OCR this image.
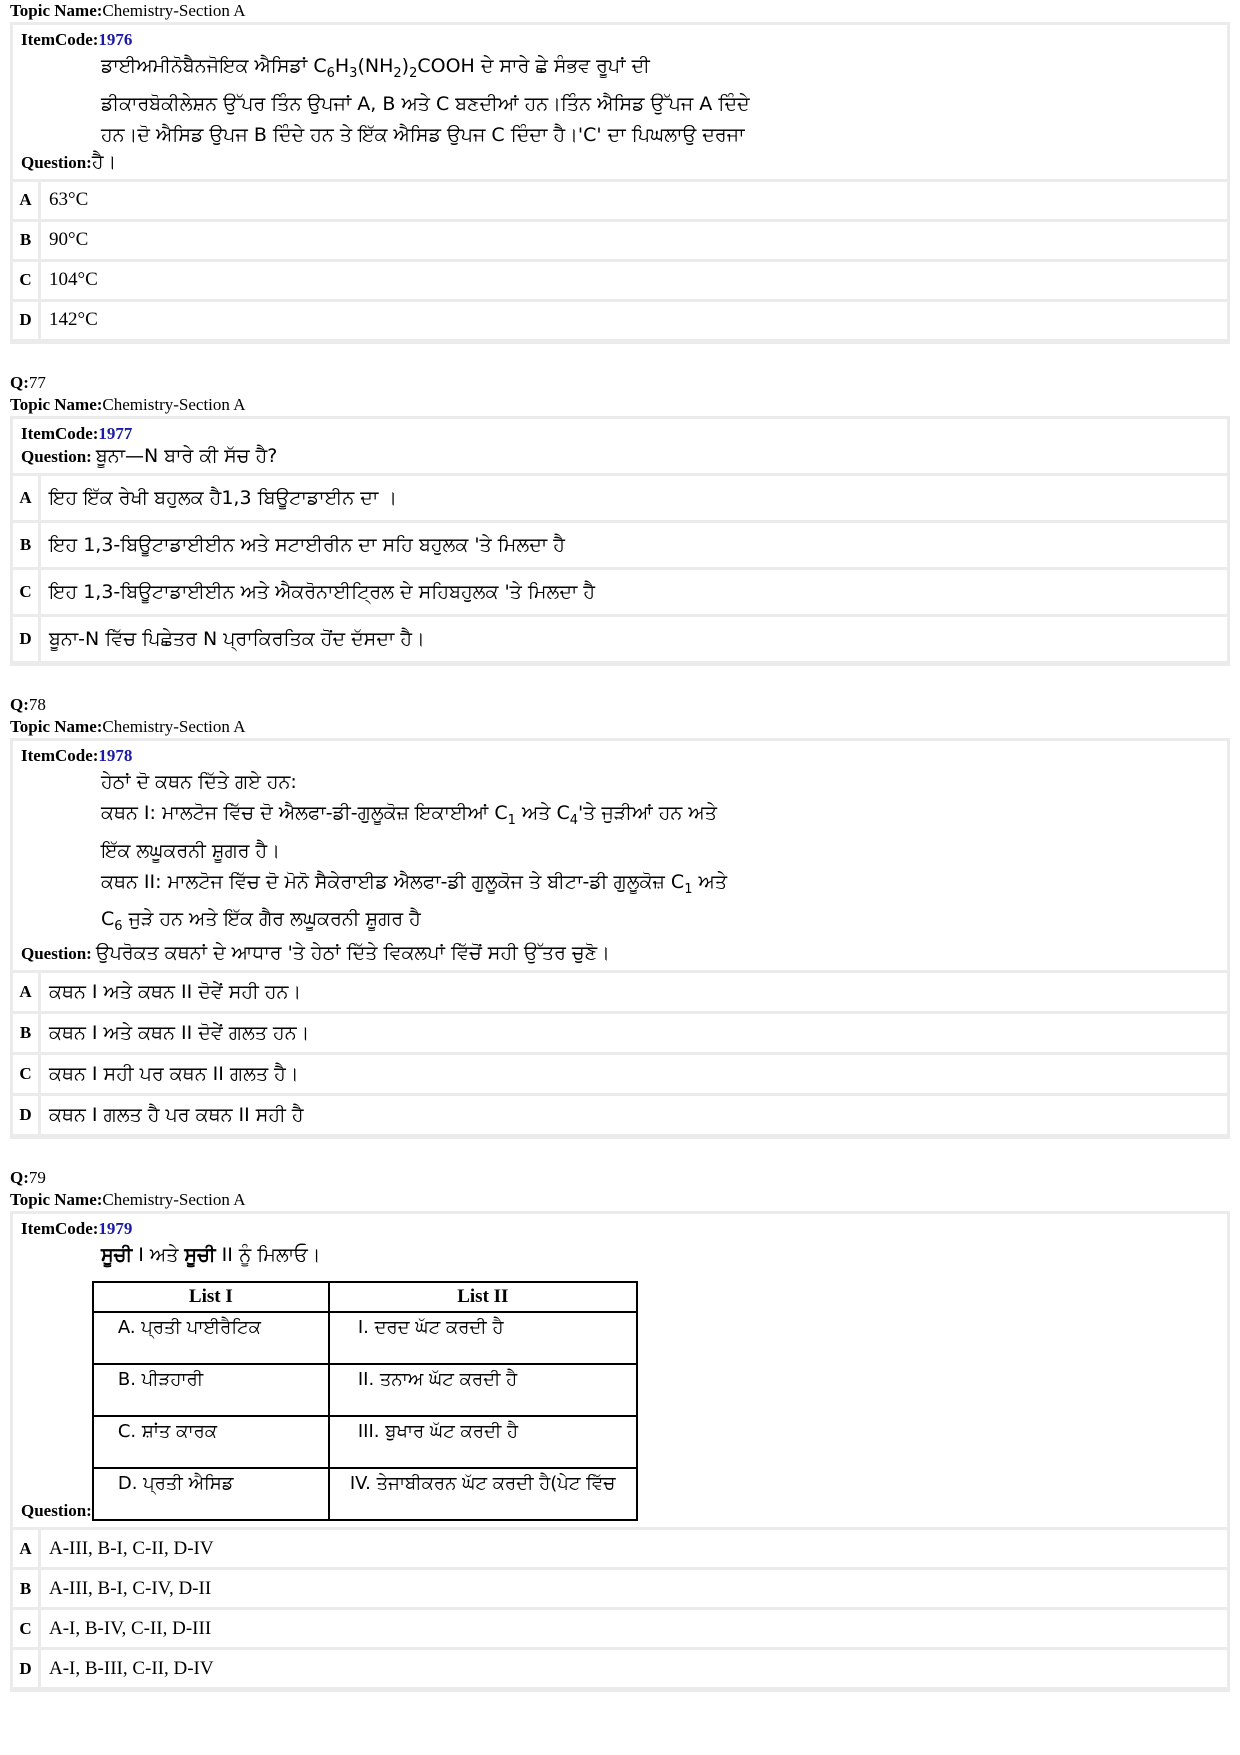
Topic Name:Chemistry-Section A
ItemCode:1976
ਡਾਈਅਮੀਨੋਬੈਨਜੋਇਕ ਐਸਿਡਾਂ $C_6H_3(NH_2)_2COOH$ ਦੇ ਸਾਰੇ ਛੇ ਸੰਭਵ ਰੂਪਾਂ ਦੀ
ਡੀਕਾਰਬੋਕੀਲੇਸ਼ਨ ਉੱਪਰ ਤਿੰਨ ਉਪਜਾਂ A, B ਅਤੇ C ਬਣਦੀਆਂ ਹਨ।ਤਿੰਨ ਐਸਿਡ ਉੱਪਜ A ਦਿੰਦੇ
ਹਨ।ਦੋ ਐਸਿਡ ਉਪਜ B ਦਿੰਦੇ ਹਨ ਤੇ ਇੱਕ ਐਸਿਡ ਉਪਜ C ਦਿੰਦਾ ਹੈ।'C' ਦਾ ਪਿਘਲਾਉ ਦਰਜਾ
Question: ਹੈ।
A 63°C
B 90°C
C 104°C
D 142°C
Q:77
Topic Name:Chemistry-Section A
ItemCode:1977
Question:
ਬੂਨਾ—N ਬਾਰੇ ਕੀ ਸੱਚ ਹੈ?
A ਇਹ ਇੱਕ ਰੇਖੀ ਬਹੁਲਕ ਹੈ1,3 ਬਿਊਟਾਡਾਈਨ ਦਾ ।
B ਇਹ 1,3-ਬਿਊਟਾਡਾਈਈਨ ਅਤੇ ਸਟਾਈਰੀਨ ਦਾ ਸਹਿ ਬਹੁਲਕ 'ਤੇ ਮਿਲਦਾ ਹੈ
C ਇਹ 1,3-ਬਿਊਟਾਡਾਈਈਨ ਅਤੇ ਐਕਰੋਨਾਈਟ੍ਰਿਲ ਦੇ ਸਹਿਬਹੁਲਕ 'ਤੇ ਮਿਲਦਾ ਹੈ
D ਬੂਨਾ-N ਵਿੱਚ ਪਿਛੇਤਰ N ਪ੍ਰਾਕਿਰਤਿਕ ਹੋਂਦ ਦੱਸਦਾ ਹੈ।
Q:78
Topic Name:Chemistry-Section A
ItemCode:1978
ਹੇਠਾਂ ਦੋ ਕਥਨ ਦਿੱਤੇ ਗਏ ਹਨ:
ਕਥਨ I: ਮਾਲਟੋਜ ਵਿੱਚ ਦੋ ਐਲਫਾ-ਡੀ-ਗੁਲੂਕੋਜ਼ ਇਕਾਈਆਂ $C_1$ ਅਤੇ $C_4'ਤੇ$ ਜੁੜੀਆਂ ਹਨ ਅਤੇ
ਇੱਕ ਲਘੂਕਰਨੀ ਸ਼ੂਗਰ ਹੈ।
ਕਥਨ II: ਮਾਲਟੋਜ ਵਿੱਚ ਦੋ ਮੋਨੋ ਸੈਕੇਰਾਈਡ ਐਲਫਾ-ਡੀ ਗੁਲੂਕੋਜ ਤੇ ਬੀਟਾ-ਡੀ ਗੁਲੂਕੋਜ਼ $C_1$ ਅਤੇ
$C_6$ ਜੁੜੇ ਹਨ ਅਤੇ ਇੱਕ ਗੈਰ ਲਘੂਕਰਨੀ ਸ਼ੂਗਰ ਹੈ
Question:
ਉਪਰੋਕਤ ਕਥਨਾਂ ਦੇ ਆਧਾਰ 'ਤੇ ਹੇਠਾਂ ਦਿੱਤੇ ਵਿਕਲਪਾਂ ਵਿੱਚੋਂ ਸਹੀ ਉੱਤਰ ਚੁਣੋ।
A ਕਥਨ I ਅਤੇ ਕਥਨ II ਦੋਵੇਂ ਸਹੀ ਹਨ।
B ਕਥਨ I ਅਤੇ ਕਥਨ II ਦੋਵੇਂ ਗਲਤ ਹਨ।
C ਕਥਨ I ਸਹੀ ਪਰ ਕਥਨ II ਗਲਤ ਹੈ।
D ਕਥਨ I ਗਲਤ ਹੈ ਪਰ ਕਥਨ II ਸਹੀ ਹੈ
Q:79
Topic Name:Chemistry-Section A
ItemCode:1979
ਸੂਚੀ I ਅਤੇ ਸੂਚੀ II ਨੂੰ ਮਿਲਾਓ।
Question:
List I	List II
A. ਪ੍ਰਤੀ ਪਾਈਰੈਟਿਕ	I. ਦਰਦ ਘੱਟ ਕਰਦੀ ਹੈ
B. ਪੀੜਹਾਰੀ	II. ਤਨਾਅ ਘੱਟ ਕਰਦੀ ਹੈ
C. ਸ਼ਾਂਤ ਕਾਰਕ	III. ਬੁਖਾਰ ਘੱਟ ਕਰਦੀ ਹੈ
D. ਪ੍ਰਤੀ ਐਸਿਡ	IV. ਤੇਜਾਬੀਕਰਨ ਘੱਟ ਕਰਦੀ ਹੈ(ਪੇਟ ਵਿੱਚ
A A-III, B-I, C-II, D-IV
B A-III, B-I, C-IV, D-II
C A-I, B-IV, C-II, D-III
D A-I, B-III, C-II, D-IV
